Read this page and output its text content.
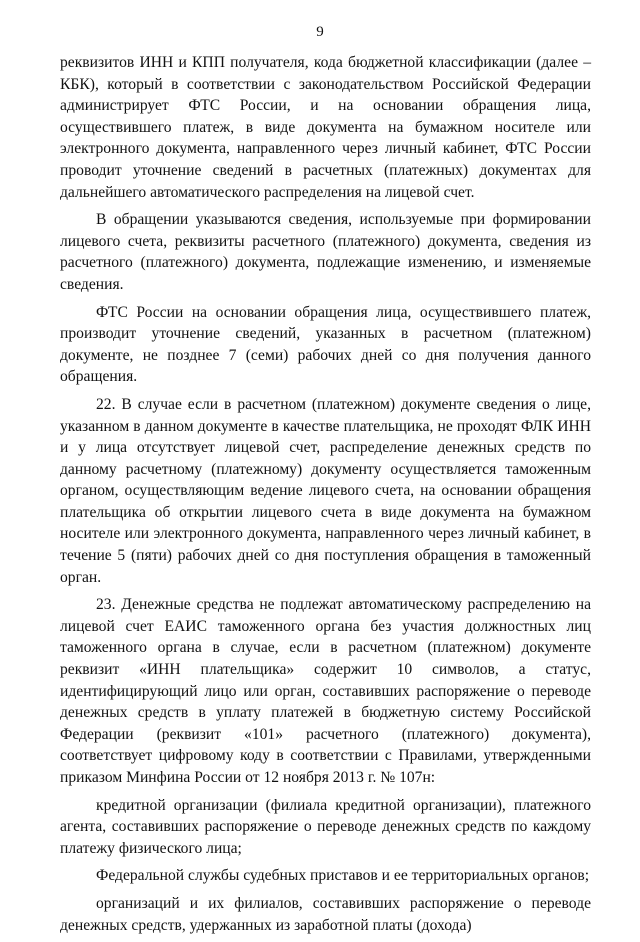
9

реквизитов ИНН и КПП получателя, кода бюджетной классификации (далее – КБК), который в соответствии с законодательством Российской Федерации администрирует ФТС России, и на основании обращения лица, осуществившего платеж, в виде документа на бумажном носителе или электронного документа, направленного через личный кабинет, ФТС России проводит уточнение сведений в расчетных (платежных) документах для дальнейшего автоматического распределения на лицевой счет.

В обращении указываются сведения, используемые при формировании лицевого счета, реквизиты расчетного (платежного) документа, сведения из расчетного (платежного) документа, подлежащие изменению, и изменяемые сведения.

ФТС России на основании обращения лица, осуществившего платеж, производит уточнение сведений, указанных в расчетном (платежном) документе, не позднее 7 (семи) рабочих дней со дня получения данного обращения.

22. В случае если в расчетном (платежном) документе сведения о лице, указанном в данном документе в качестве плательщика, не проходят ФЛК ИНН и у лица отсутствует лицевой счет, распределение денежных средств по данному расчетному (платежному) документу осуществляется таможенным органом, осуществляющим ведение лицевого счета, на основании обращения плательщика об открытии лицевого счета в виде документа на бумажном носителе или электронного документа, направленного через личный кабинет, в течение 5 (пяти) рабочих дней со дня поступления обращения в таможенный орган.

23. Денежные средства не подлежат автоматическому распределению на лицевой счет ЕАИС таможенного органа без участия должностных лиц таможенного органа в случае, если в расчетном (платежном) документе реквизит «ИНН плательщика» содержит 10 символов, а статус, идентифицирующий лицо или орган, составивших распоряжение о переводе денежных средств в уплату платежей в бюджетную систему Российской Федерации (реквизит «101» расчетного (платежного) документа), соответствует цифровому коду в соответствии с Правилами, утвержденными приказом Минфина России от 12 ноября 2013 г. № 107н:

кредитной организации (филиала кредитной организации), платежного агента, составивших распоряжение о переводе денежных средств по каждому платежу физического лица;

Федеральной службы судебных приставов и ее территориальных органов;

организаций и их филиалов, составивших распоряжение о переводе денежных средств, удержанных из заработной платы (дохода)
